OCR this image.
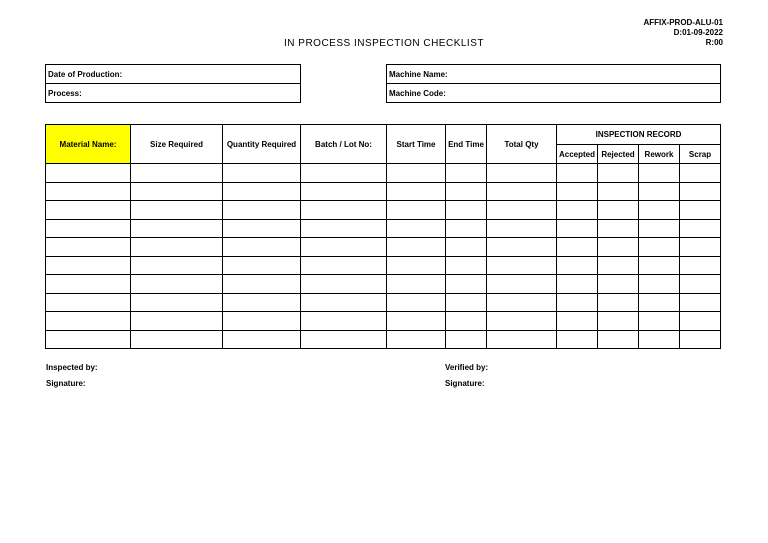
AFFIX-PROD-ALU-01
D:01-09-2022
R:00
IN PROCESS INSPECTION CHECKLIST
Date of Production:
Process:
Machine Name:
Machine Code:
Material Name:	Size Required	Quantity Required	Batch / Lot No:	Start Time	End Time	Total Qty	INSPECTION RECORD			
							Accepted	Rejected	Rework	Scrap

Inspected by:
Signature:
Verified by:
Signature:
